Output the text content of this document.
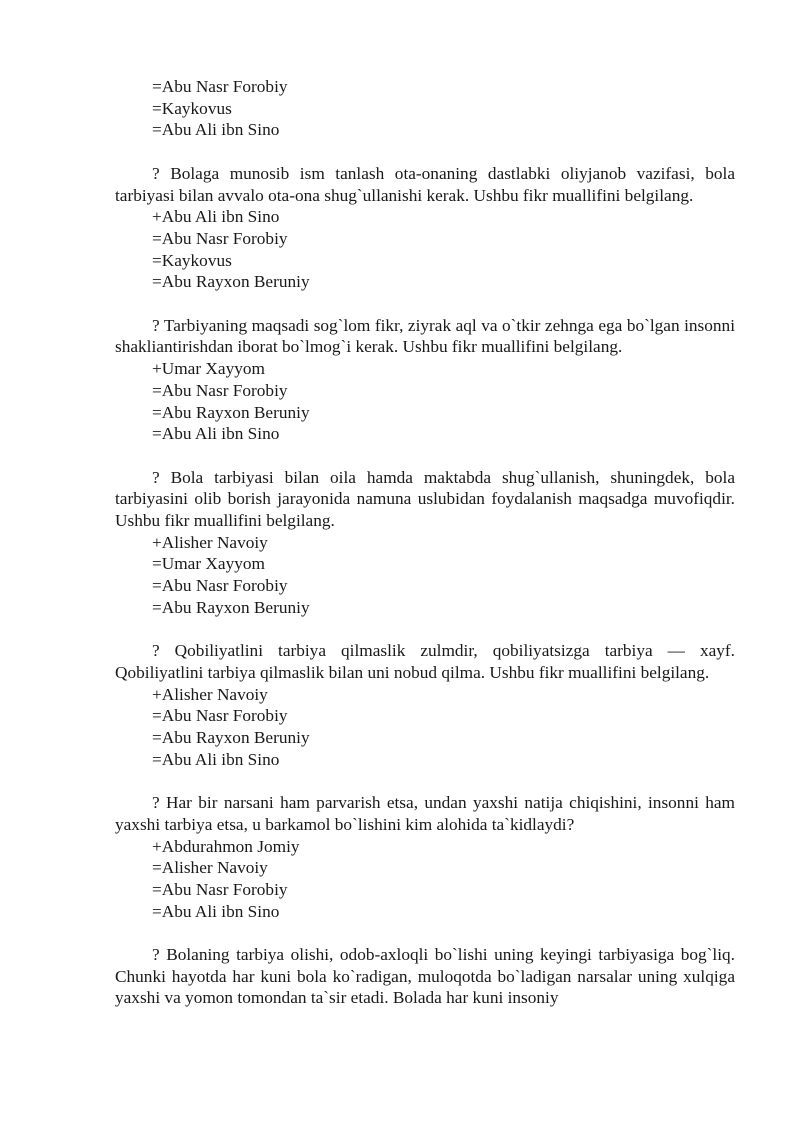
=Abu Nasr Forobiy

=Kaykovus

=Abu Ali ibn Sino

? Bolaga munosib ism tanlash ota-onaning dastlabki oliyjanob vazifasi, bola tarbiyasi bilan avvalo ota-ona shug`ullanishi kerak. Ushbu fikr muallifini belgilang.

+Abu Ali ibn Sino

=Abu Nasr Forobiy

=Kaykovus

=Abu Rayxon Beruniy

? Tarbiyaning maqsadi sog`lom fikr, ziyrak aql va o`tkir zehnga ega bo`lgan insonni shakliantirishdan iborat bo`lmog`i kerak. Ushbu fikr muallifini belgilang.

+Umar Xayyom

=Abu Nasr Forobiy

=Abu Rayxon Beruniy

=Abu Ali ibn Sino

? Bola tarbiyasi bilan oila hamda maktabda shug`ullanish, shuningdek, bola tarbiyasini olib borish jarayonida namuna uslubidan foydalanish maqsadga muvofiqdir. Ushbu fikr muallifini belgilang.

+Alisher Navoiy

=Umar Xayyom

=Abu Nasr Forobiy

=Abu Rayxon Beruniy

? Qobiliyatlini tarbiya qilmaslik zulmdir, qobiliyatsizga tarbiya — xayf. Qobiliyatlini tarbiya qilmaslik bilan uni nobud qilma. Ushbu fikr muallifini belgilang.

+Alisher Navoiy

=Abu Nasr Forobiy

=Abu Rayxon Beruniy

=Abu Ali ibn Sino

? Har bir narsani ham parvarish etsa, undan yaxshi natija chiqishini, insonni ham yaxshi tarbiya etsa, u barkamol bo`lishini kim alohida ta`kidlaydi?

+Abdurahmon Jomiy

=Alisher Navoiy

=Abu Nasr Forobiy

=Abu Ali ibn Sino

? Bolaning tarbiya olishi, odob-axloqli bo`lishi uning keyingi tarbiyasiga bog`liq. Chunki hayotda har kuni bola ko`radigan, muloqotda bo`ladigan narsalar uning xulqiga yaxshi va yomon tomondan ta`sir etadi. Bolada har kuni insoniy
